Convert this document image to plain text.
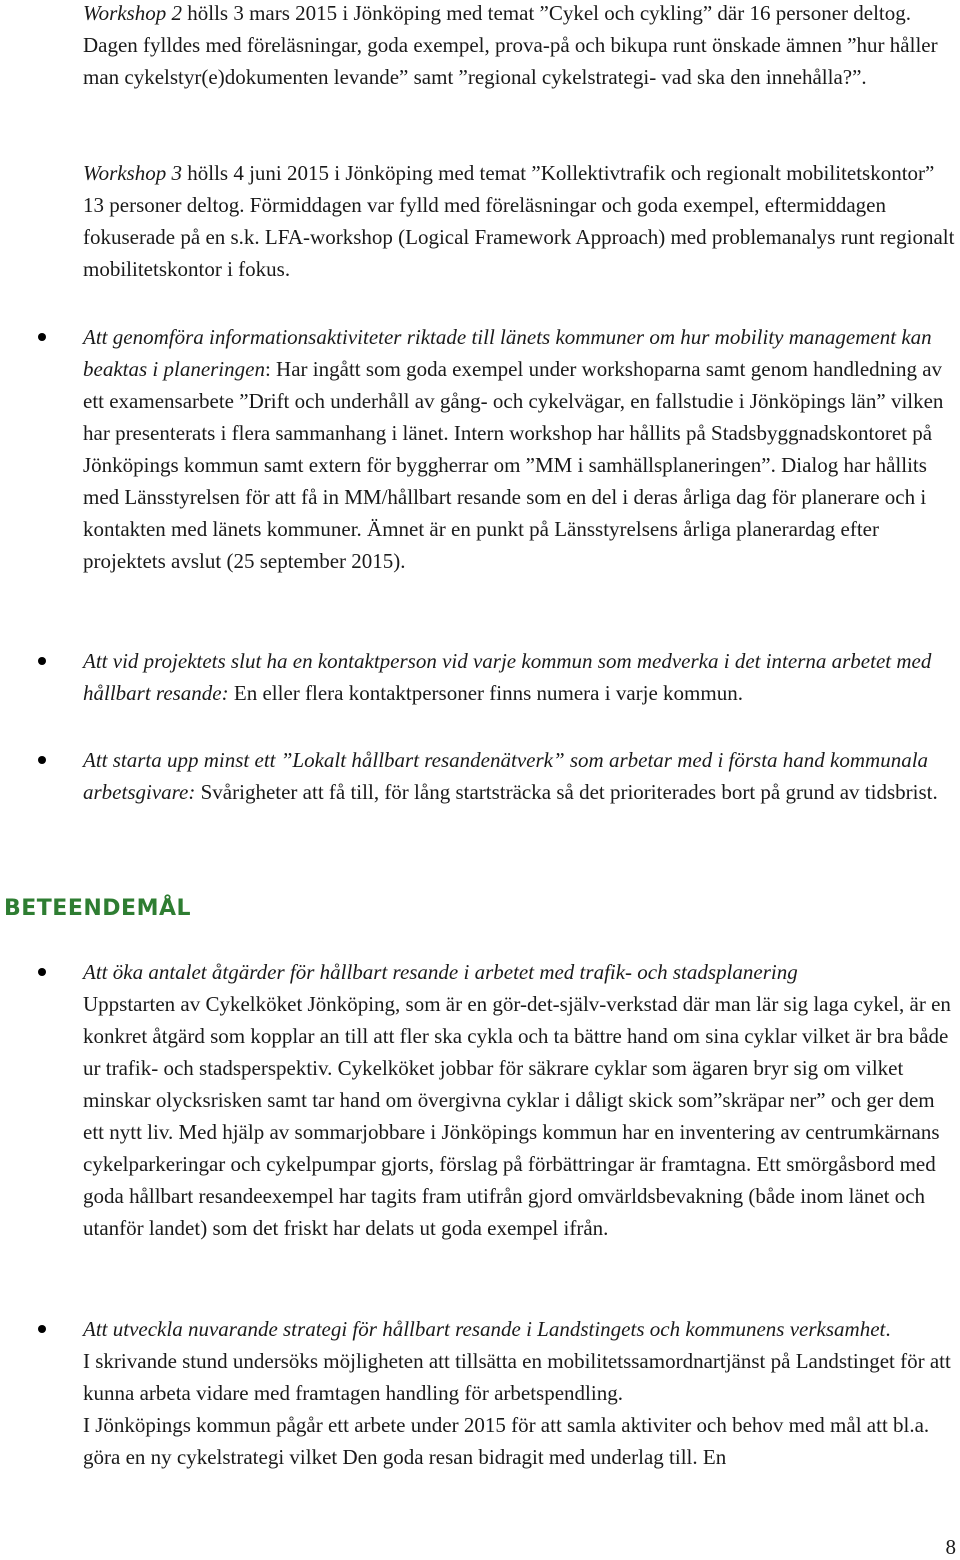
Workshop 2 hölls 3 mars 2015 i Jönköping med temat ”Cykel och cykling” där 16 personer deltog. Dagen fylldes med föreläsningar, goda exempel, prova-på och bikupa runt önskade ämnen ”hur håller man cykelstyr(e)dokumenten levande” samt ”regional cykelstrategi- vad ska den innehålla?”.

Workshop 3 hölls 4 juni 2015 i Jönköping med temat ”Kollektivtrafik och regionalt mobilitetskontor” 13 personer deltog. Förmiddagen var fylld med föreläsningar och goda exempel, eftermiddagen fokuserade på en s.k. LFA-workshop (Logical Framework Approach) med problemanalys runt regionalt mobilitetskontor i fokus.

Att genomföra informationsaktiviteter riktade till länets kommuner om hur mobility management kan beaktas i planeringen: Har ingått som goda exempel under workshoparna samt genom handledning av ett examensarbete ”Drift och underhåll av gång- och cykelvägar, en fallstudie i Jönköpings län” vilken har presenterats i flera sammanhang i länet. Intern workshop har hållits på Stadsbyggnadskontoret på Jönköpings kommun samt extern för byggherrar om ”MM i samhällsplaneringen”. Dialog har hållits med Länsstyrelsen för att få in MM/hållbart resande som en del i deras årliga dag för planerare och i kontakten med länets kommuner. Ämnet är en punkt på Länsstyrelsens årliga planerardag efter projektets avslut (25 september 2015).

Att vid projektets slut ha en kontaktperson vid varje kommun som medverka i det interna arbetet med hållbart resande: En eller flera kontaktpersoner finns numera i varje kommun.

Att starta upp minst ett ”Lokalt hållbart resandenätverk” som arbetar med i första hand kommunala arbetsgivare: Svårigheter att få till, för lång startsträcka så det prioriterades bort på grund av tidsbrist.

BETEENDEMÅL

Att öka antalet åtgärder för hållbart resande i arbetet med trafik- och stadsplanering
Uppstarten av Cykelköket Jönköping, som är en gör-det-själv-verkstad där man lär sig laga cykel, är en konkret åtgärd som kopplar an till att fler ska cykla och ta bättre hand om sina cyklar vilket är bra både ur trafik- och stadsperspektiv. Cykelköket jobbar för säkrare cyklar som ägaren bryr sig om vilket minskar olycksrisken samt tar hand om övergivna cyklar i dåligt skick som”skräpar ner” och ger dem ett nytt liv. Med hjälp av sommarjobbare i Jönköpings kommun har en inventering av centrumkärnans cykelparkeringar och cykelpumpar gjorts, förslag på förbättringar är framtagna. Ett smörgåsbord med goda hållbart resandeexempel har tagits fram utifrån gjord omvärldsbevakning (både inom länet och utanför landet) som det friskt har delats ut goda exempel ifrån.

Att utveckla nuvarande strategi för hållbart resande i Landstingets och kommunens verksamhet.
I skrivande stund undersöks möjligheten att tillsätta en mobilitetssamordnartjänst på Landstinget för att kunna arbeta vidare med framtagen handling för arbetspendling.
I Jönköpings kommun pågår ett arbete under 2015 för att samla aktiviter och behov med mål att bl.a. göra en ny cykelstrategi vilket Den goda resan bidragit med underlag till. En

8
